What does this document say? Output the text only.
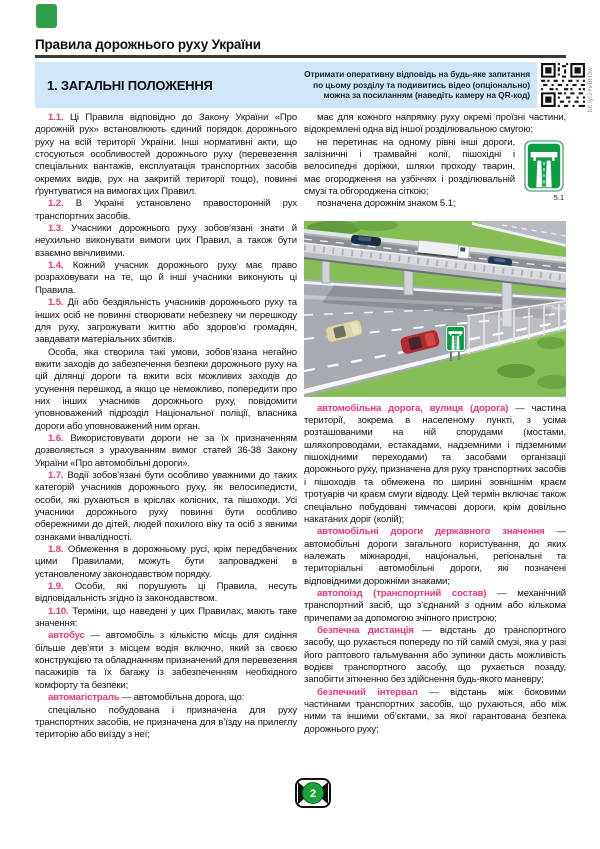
Правила дорожнього руху України
1. ЗАГАЛЬНІ ПОЛОЖЕННЯ
Отримати оперативну відповідь на будь-яке запитання
по цьому розділу та подивитись відео (опціонально)
можна за посиланням (наведіть камеру на QR-код)	bit.ly/2YeBH3w

1.1. Ці Правила відповідно до Закону України «Про дорожній рух» встановлюють єдиний порядок дорожнього руху на всій території України. Інші нормативні акти, що стосуються особливостей дорожнього руху (перевезення спеціальних вантажів, експлуатація транспортних засобів окремих видів, рух на закритій території тощо), повинні ґрунтуватися на вимогах цих Правил.

1.2. В Україні установлено правосторонній рух транспортних засобів.

1.3. Учасники дорожнього руху зобов’язані знати й неухильно виконувати вимоги цих Правил, а також бути взаємно ввічливими.

1.4. Кожний учасник дорожнього руху має право розраховувати на те, що й інші учасники виконують ці Правила.

1.5. Дії або бездіяльність учасників дорожнього руху та інших осіб не повинні створювати небезпеку чи перешкоду для руху, загрожувати життю або здоров’ю громадян, завдавати матеріальних збитків.

Особа, яка створила такі умови, зобов’язана негайно вжити заходів до забезпечення безпеки дорожнього руху на цій ділянці дороги та вжити всіх можливих заходів до усунення перешкод, а якщо це неможливо, попередити про них інших учасників дорожнього руху, повідомити уповноважений підрозділ Національної поліції, власника дороги або уповноважений ним орган.

1.6. Використовувати дороги не за їх призначенням дозволяється з урахуванням вимог статей 36-38 Закону України «Про автомобільні дороги».

1.7. Водії зобов’язані бути особливо уважними до таких категорій учасників дорожнього руху, як велосипедисти, особи, які рухаються в кріслах колісних, та пішоходи. Усі учасники дорожнього руху повинні бути особливо обережними до дітей, людей похилого віку та осіб з явними ознаками інвалідності.

1.8. Обмеження в дорожньому русі, крім передбачених цими Правилами, можуть бути запроваджені в установленому законодавством порядку.

1.9. Особи, які порушують ці Правила, несуть відповідальність згідно із законодавством.

1.10. Терміни, що наведені у цих Правилах, мають таке значення:

автобус — автомобіль з кількістю місць для сидіння більше дев’яти з місцем водія включно, який за своєю конструкцією та обладнанням призначений для перевезення пасажирів та їх багажу із забезпеченням необхідного комфорту та безпеки;

автомагістраль — автомобільна дорога, що:

спеціально побудована і призначена для руху транспортних засобів, не призначена для в’їзду на прилеглу територію або виїзду з неї;

має для кожного напрямку руху окремі проїзні частини, відокремлені одна від іншої розділювальною смугою;

5.1

не перетинає на одному рівні інші дороги, залізничні і трамвайні колії, пішохідні і велосипедні доріжки, шляхи проходу тварин, має огородження на узбіччях і розділювальній смузі та обгороджена сіткою;

позначена дорожнім знаком 5.1;

автомобільна дорога, вулиця (дорога) — частина території, зокрема в населеному пункті, з усіма розташованими на ній спорудами (мостами, шляхопроводами, естакадами, надземними і підземними пішохідними переходами) та засобами організації дорожнього руху, призначена для руху транспортних засобів і пішоходів та обмежена по ширині зовнішнім краєм тротуарів чи краєм смуги відводу. Цей термін включає також спеціально побудовані тимчасові дороги, крім довільно накатаних доріг (колій);

автомобільні дороги державного значення — автомобільні дороги загального користування, до яких належать міжнародні, національні, регіональні та територіальні автомобільні дороги, які позначені відповідними дорожніми знаками;

автопоїзд (транспортний состав) — механічний транспортний засіб, що з’єднаний з одним або кількома причепами за допомогою зчіпного пристрою;

безпечна дистанція — відстань до транспортного засобу, що рухається попереду по тій самій смузі, яка у разі його раптового гальмування або зупинки дасть можливість водієві транспортного засобу, що рухається позаду, запобігти зіткненню без здійснення будь-якого маневру;

безпечний інтервал — відстань між боковими частинами транспортних засобів, що рухаються, або між ними та іншими об’єктами, за якої гарантована безпека дорожнього руху;

2
